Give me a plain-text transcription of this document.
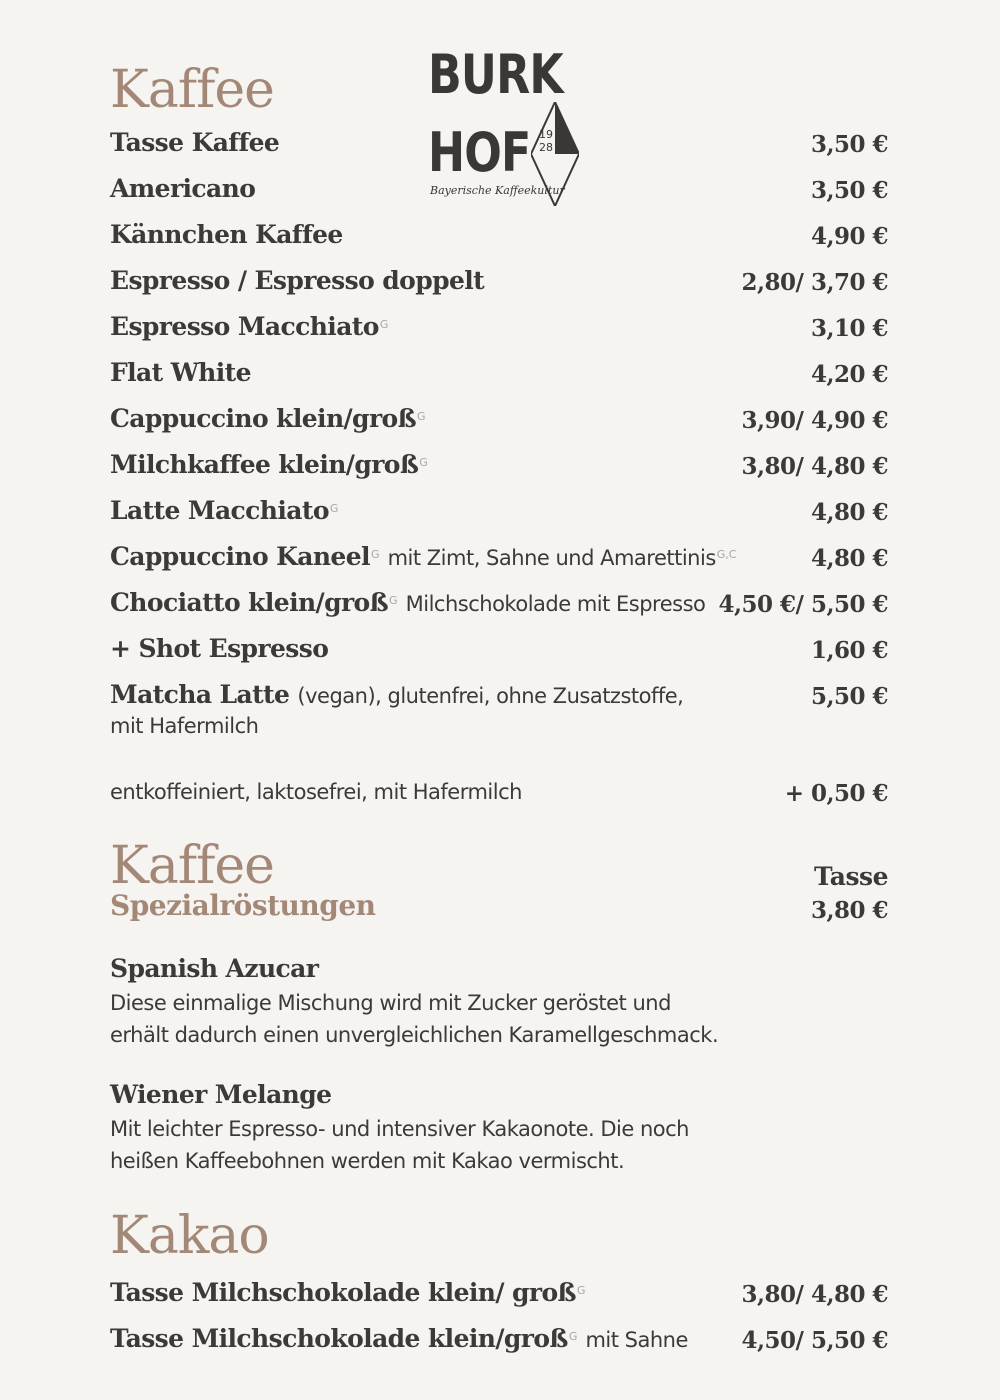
BURK
HOF 19
28
Bayerische Kaffeekultur
Kaffee
Tasse Kaffee	3,50 €
Americano	3,50 €
Kännchen Kaffee	4,90 €
Espresso / Espresso doppelt	2,80/ 3,70 €
Espresso Macchiato$^G$	3,10 €
Flat White	4,20 €
Cappuccino klein/groß$^G$	3,90/ 4,90 €
Milchkaffee klein/groß$^G$	3,80/ 4,80 €
Latte Macchiato$^G$	4,80 €
Cappuccino Kaneel$^G$ mit Zimt, Sahne und Amarettinis$^{G,C}$	4,80 €
Chociatto klein/groß$^G$ Milchschokolade mit Espresso 4,50 €/ 5,50 €
+ Shot Espresso	1,60 €
Matcha Latte (vegan), glutenfrei, ohne Zusatzstoffe,
mit Hafermilch
5,50 €
entkoffeiniert, laktosefrei, mit Hafermilch	+ 0,50 €
Kaffee
Spezialröstungen
Tasse
3,80 €
Spanish Azucar
Diese einmalige Mischung wird mit Zucker geröstet und
erhält dadurch einen unvergleichlichen Karamellgeschmack.
Wiener Melange
Mit leichter Espresso- und intensiver Kakaonote. Die noch
heißen Kaffeebohnen werden mit Kakao vermischt.
Kakao
Tasse Milchschokolade klein/ groß$^G$	3,80/ 4,80 €
Tasse Milchschokolade klein/groß$^G$ mit Sahne 4,50/ 5,50 €
